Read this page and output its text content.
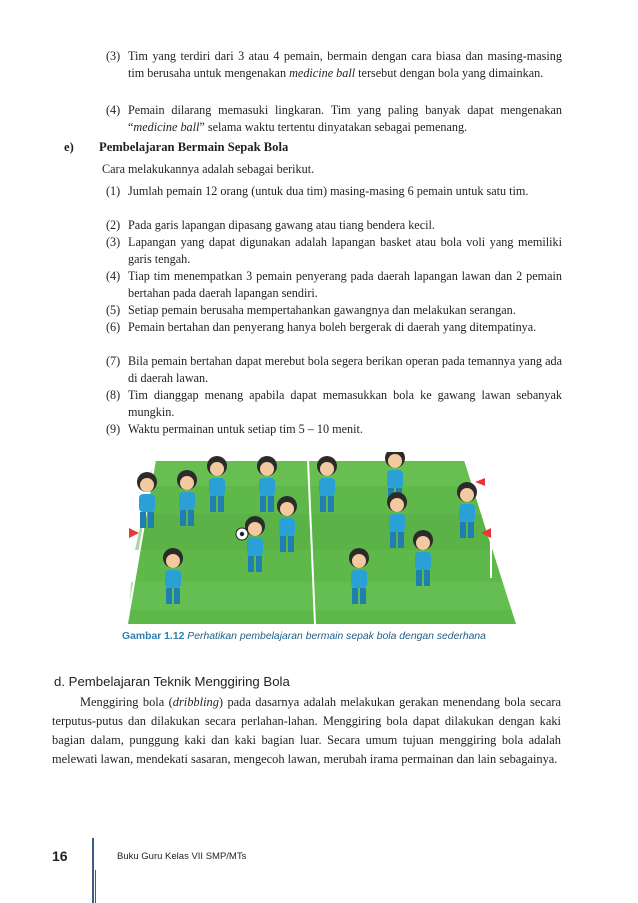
(3) Tim yang terdiri dari 3 atau 4 pemain, bermain dengan cara biasa dan masing-masing tim berusaha untuk mengenakan medicine ball tersebut dengan bola yang dimainkan.
(4) Pemain dilarang memasuki lingkaran. Tim yang paling banyak dapat mengenakan “medicine ball” selama waktu tertentu dinyatakan sebagai pemenang.
e) Pembelajaran Bermain Sepak Bola
Cara melakukannya adalah sebagai berikut.
(1) Jumlah pemain 12 orang (untuk dua tim) masing-masing 6 pemain untuk satu tim.
(2) Pada garis lapangan dipasang gawang atau tiang bendera kecil.
(3) Lapangan yang dapat digunakan adalah lapangan basket atau bola voli yang memiliki garis tengah.
(4) Tiap tim menempatkan 3 pemain penyerang pada daerah lapangan lawan dan 2 pemain bertahan pada daerah lapangan sendiri.
(5) Setiap pemain berusaha mempertahankan gawangnya dan melakukan serangan.
(6) Pemain bertahan dan penyerang hanya boleh bergerak di daerah yang ditempatinya.
(7) Bila pemain bertahan dapat merebut bola segera berikan operan pada temannya yang ada di daerah lawan.
(8) Tim dianggap menang apabila dapat memasukkan bola ke gawang lawan sebanyak mungkin.
(9) Waktu permainan untuk setiap tim 5 – 10 menit.
Gambar 1.12 Perhatikan pembelajaran bermain sepak bola dengan sederhana
d. Pembelajaran Teknik Menggiring Bola
Menggiring bola (dribbling) pada dasarnya adalah melakukan gerakan menendang bola secara terputus-putus dan dilakukan secara perlahan-lahan. Menggiring bola dapat dilakukan dengan kaki bagian dalam, punggung kaki dan kaki bagian luar. Secara umum tujuan menggiring bola adalah melewati lawan, mendekati sasaran, mengecoh lawan, merubah irama permainan dan lain sebagainya.
16	Buku Guru Kelas VII SMP/MTs
